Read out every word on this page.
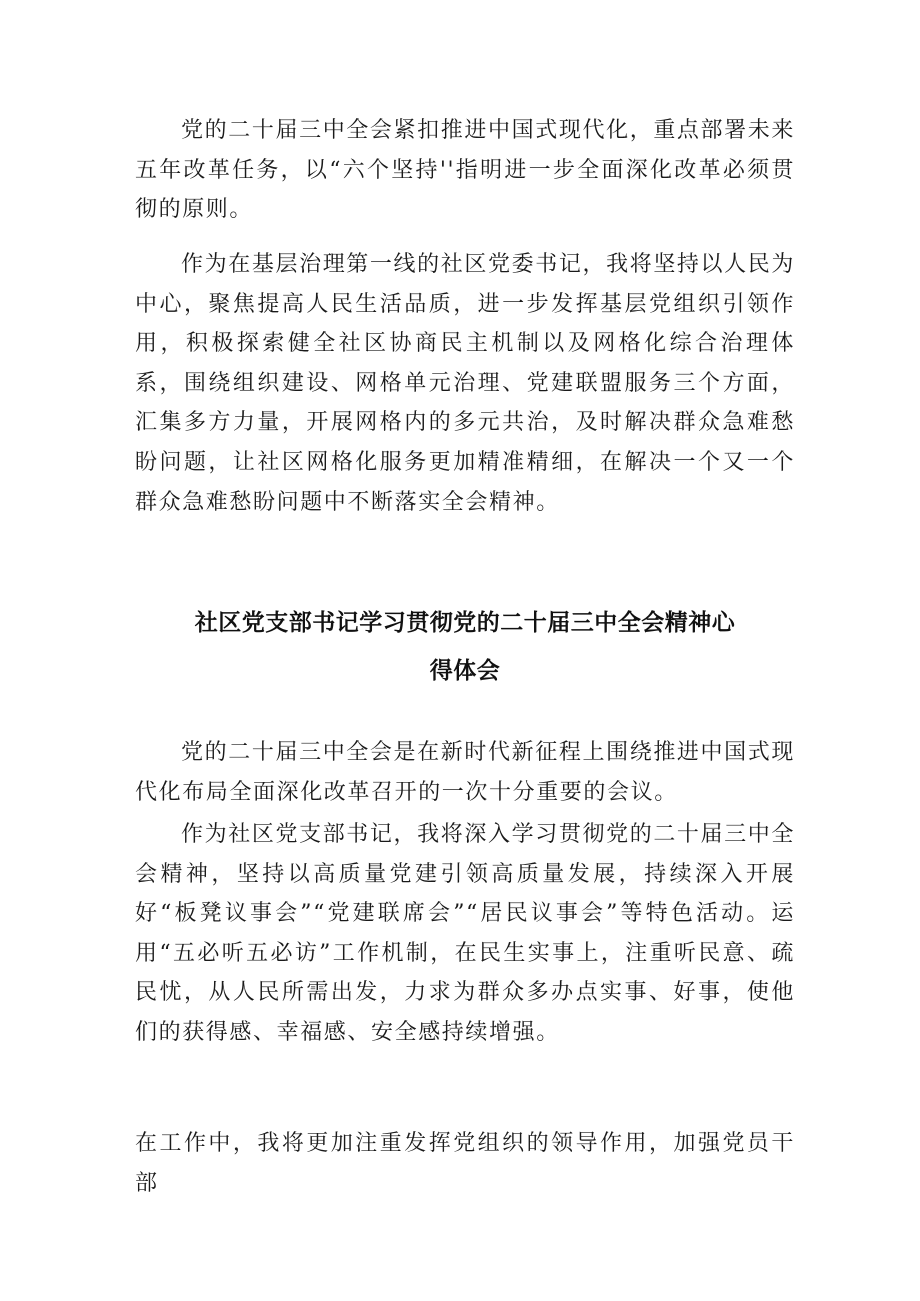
党的二十届三中全会紧扣推进中国式现代化，重点部署未来五年改革任务，以“六个坚持''指明进一步全面深化改革必须贯彻的原则。

作为在基层治理第一线的社区党委书记，我将坚持以人民为中心，聚焦提高人民生活品质，进一步发挥基层党组织引领作用，积极探索健全社区协商民主机制以及网格化综合治理体系，围绕组织建设、网格单元治理、党建联盟服务三个方面，汇集多方力量，开展网格内的多元共治，及时解决群众急难愁盼问题，让社区网格化服务更加精准精细，在解决一个又一个群众急难愁盼问题中不断落实全会精神。

社区党支部书记学习贯彻党的二十届三中全会精神心
得体会

党的二十届三中全会是在新时代新征程上围绕推进中国式现代化布局全面深化改革召开的一次十分重要的会议。

作为社区党支部书记，我将深入学习贯彻党的二十届三中全会精神，坚持以高质量党建引领高质量发展，持续深入开展好“板凳议事会”“党建联席会”“居民议事会”等特色活动。运用“五必听五必访”工作机制，在民生实事上，注重听民意、疏民忧，从人民所需出发，力求为群众多办点实事、好事，使他们的获得感、幸福感、安全感持续增强。

在工作中，我将更加注重发挥党组织的领导作用，加强党员干部
